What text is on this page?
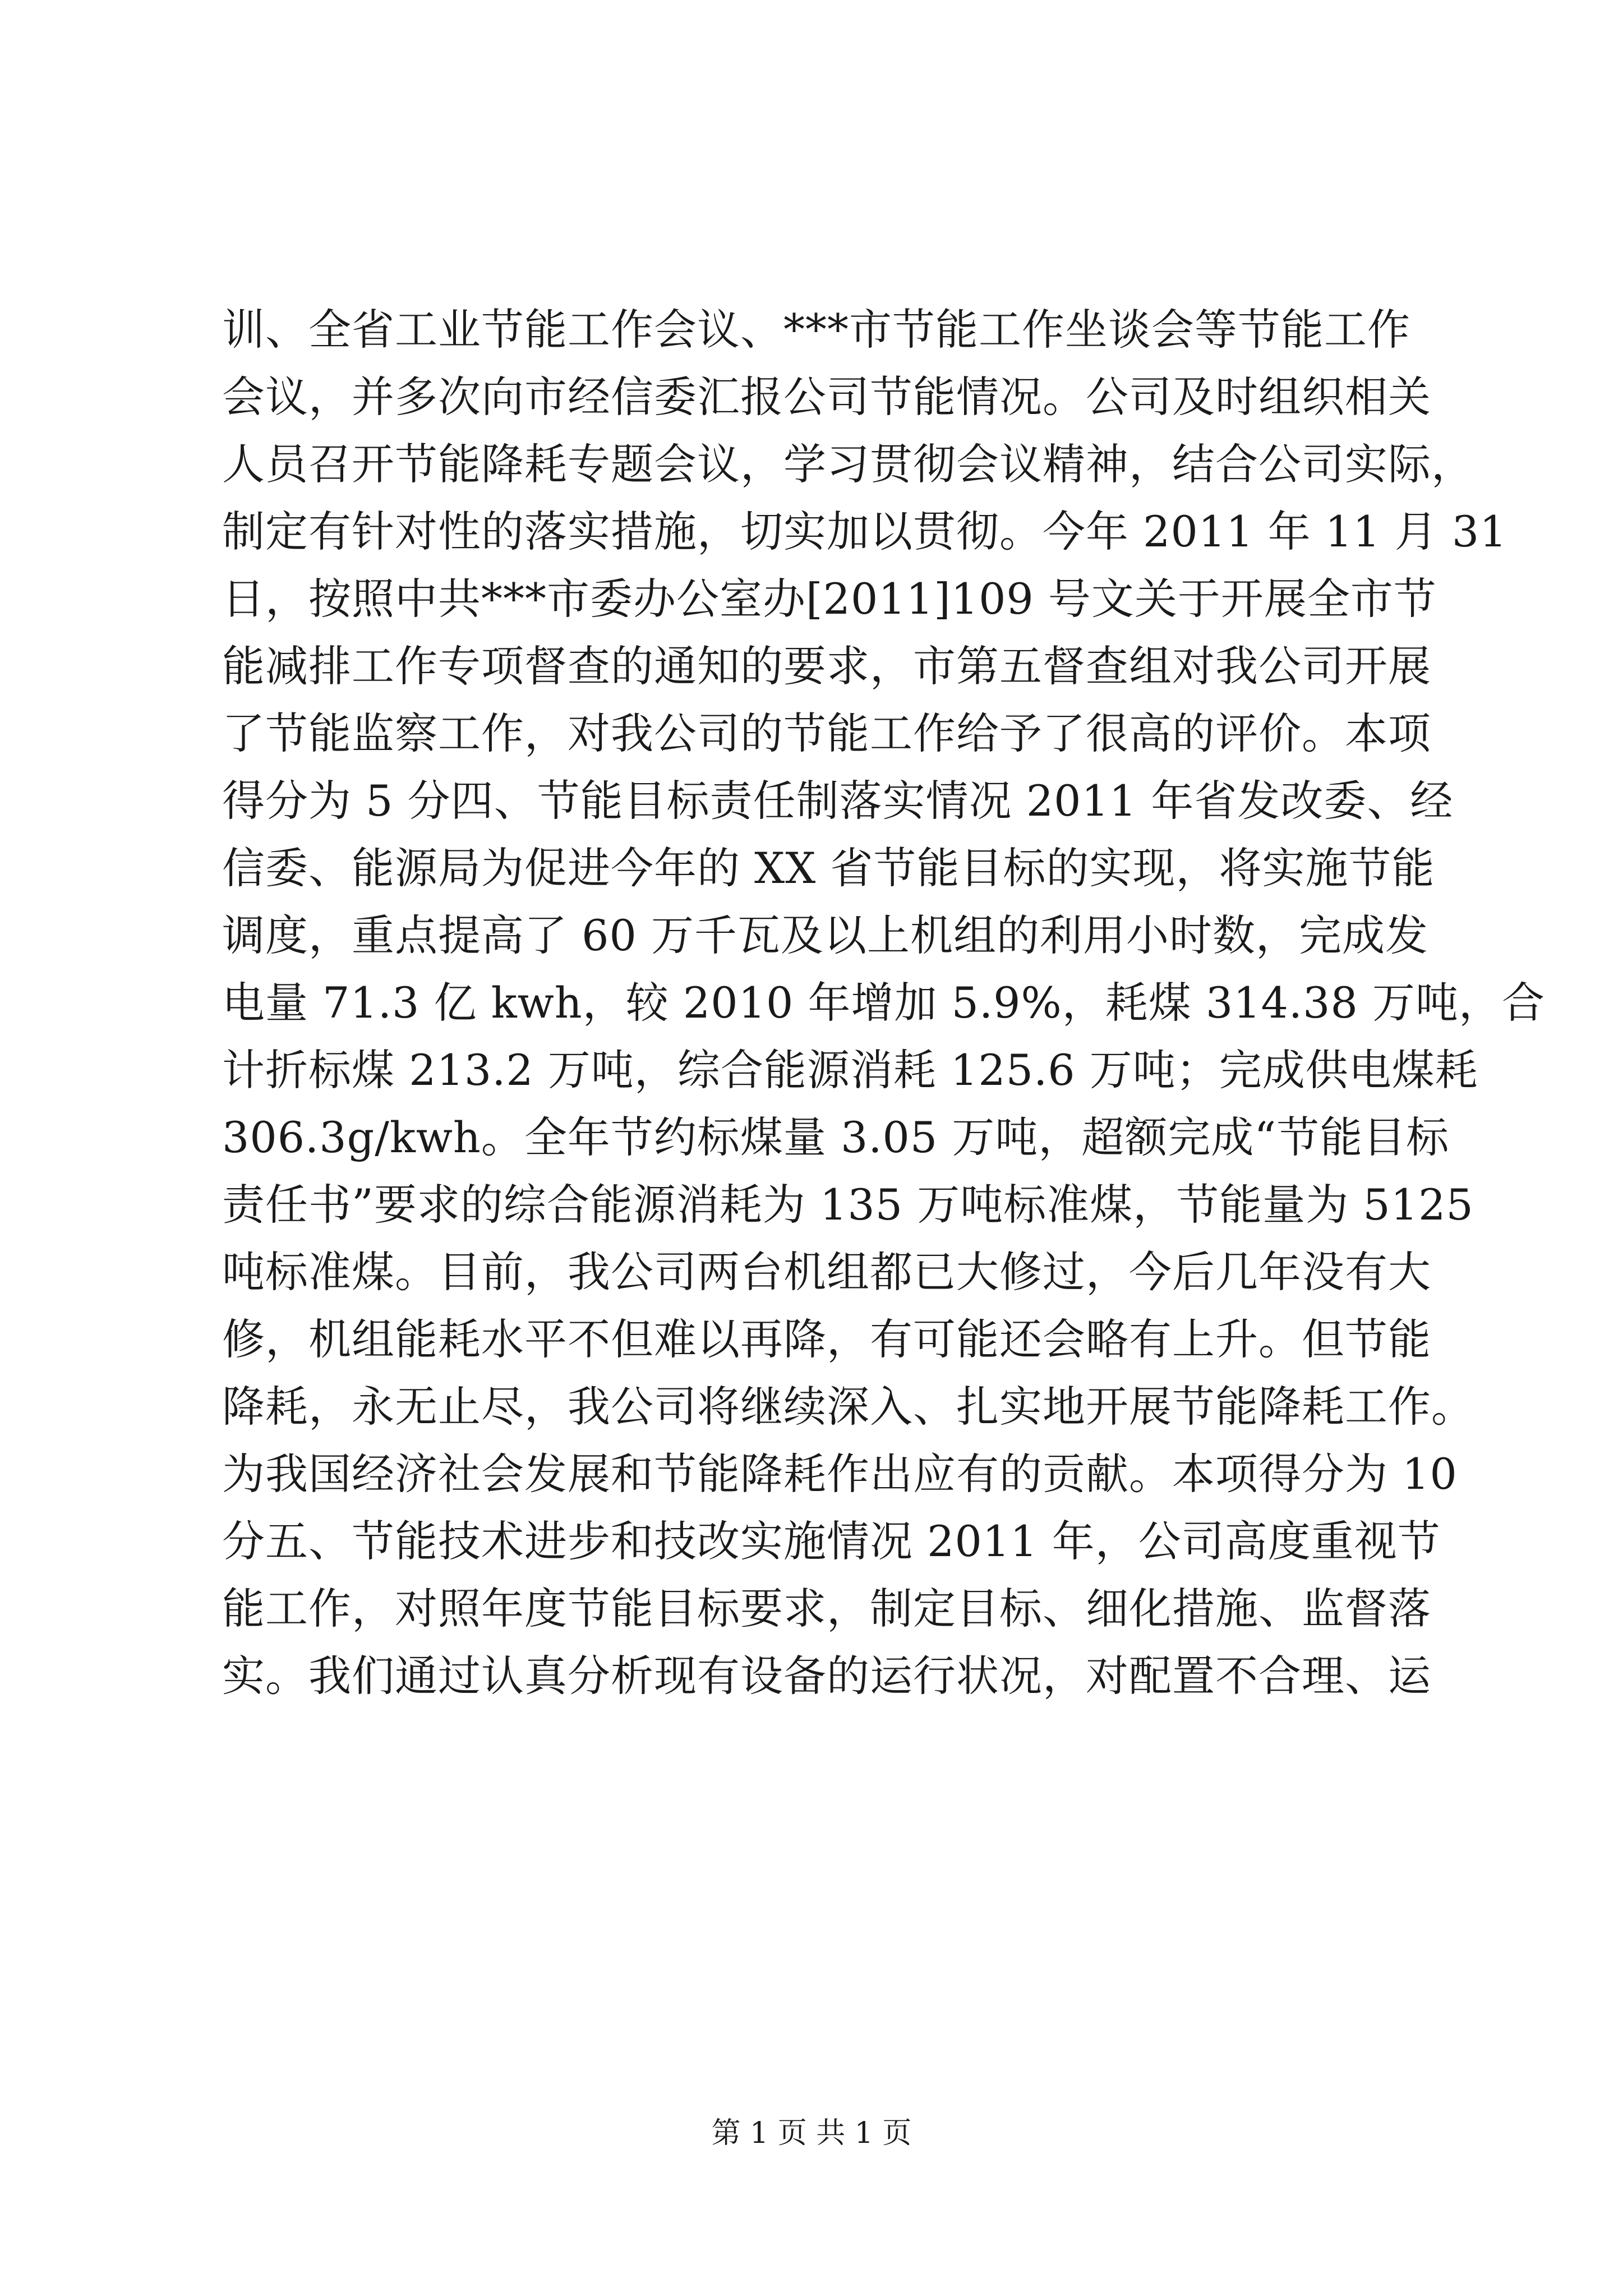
训、全省工业节能工作会议、***市节能工作坐谈会等节能工作
会议，并多次向市经信委汇报公司节能情况。公司及时组织相关
人员召开节能降耗专题会议，学习贯彻会议精神，结合公司实际，
制定有针对性的落实措施，切实加以贯彻。今年 2011 年 11 月 31
日，按照中共***市委办公室办[2011]109 号文关于开展全市节
能减排工作专项督查的通知的要求，市第五督查组对我公司开展
了节能监察工作，对我公司的节能工作给予了很高的评价。本项
得分为 5 分四、节能目标责任制落实情况 2011 年省发改委、经
信委、能源局为促进今年的 XX 省节能目标的实现，将实施节能
调度，重点提高了 60 万千瓦及以上机组的利用小时数，完成发
电量 71.3 亿 kwh，较 2010 年增加 5.9%，耗煤 314.38 万吨，合
计折标煤 213.2 万吨，综合能源消耗 125.6 万吨；完成供电煤耗
306.3g/kwh。全年节约标煤量 3.05 万吨，超额完成“节能目标
责任书”要求的综合能源消耗为 135 万吨标准煤，节能量为 5125
吨标准煤。目前，我公司两台机组都已大修过，今后几年没有大
修，机组能耗水平不但难以再降，有可能还会略有上升。但节能
降耗，永无止尽，我公司将继续深入、扎实地开展节能降耗工作。
为我国经济社会发展和节能降耗作出应有的贡献。本项得分为 10
分五、节能技术进步和技改实施情况 2011 年，公司高度重视节
能工作，对照年度节能目标要求，制定目标、细化措施、监督落
实。我们通过认真分析现有设备的运行状况，对配置不合理、运
第 1 页 共 1 页
